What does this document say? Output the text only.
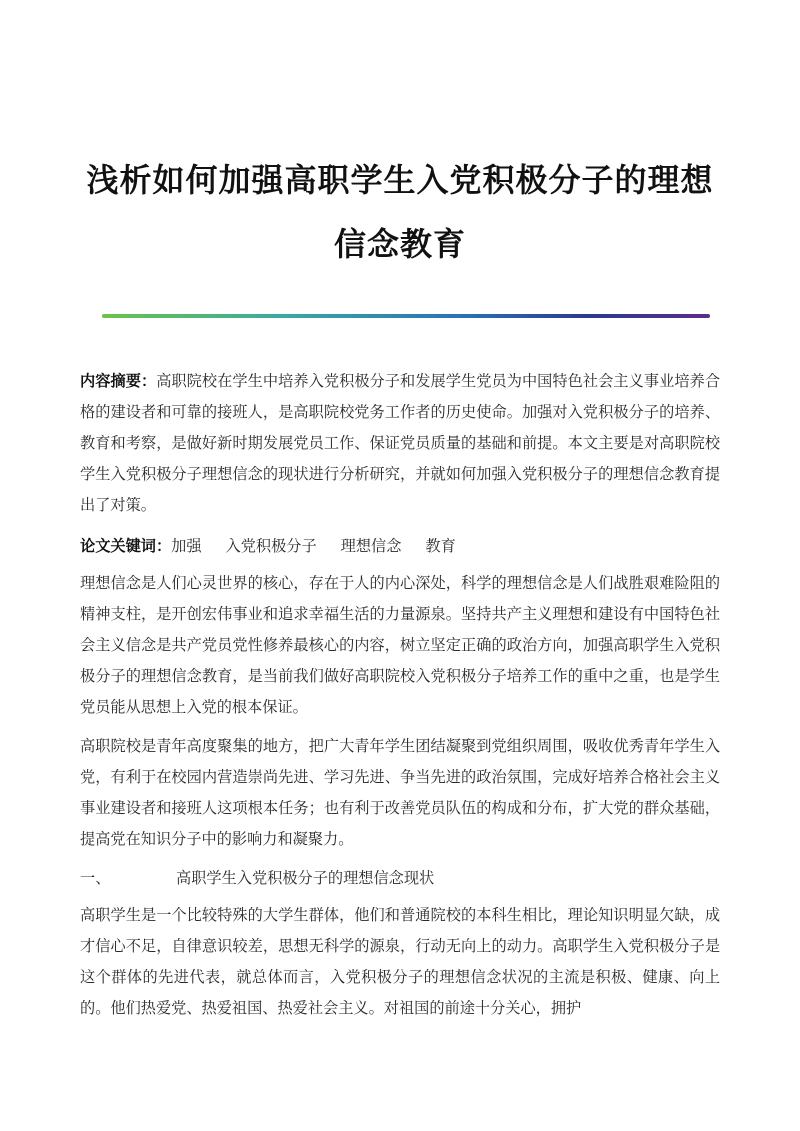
浅析如何加强高职学生入党积极分子的理想
信念教育

内容摘要：高职院校在学生中培养入党积极分子和发展学生党员为中国特色社会主义事业培养合格的建设者和可靠的接班人，是高职院校党务工作者的历史使命。加强对入党积极分子的培养、教育和考察，是做好新时期发展党员工作、保证党员质量的基础和前提。本文主要是对高职院校学生入党积极分子理想信念的现状进行分析研究，并就如何加强入党积极分子的理想信念教育提出了对策。

论文关键词：加强 入党积极分子 理想信念 教育

理想信念是人们心灵世界的核心，存在于人的内心深处，科学的理想信念是人们战胜艰难险阻的精神支柱，是开创宏伟事业和追求幸福生活的力量源泉。坚持共产主义理想和建设有中国特色社会主义信念是共产党员党性修养最核心的内容，树立坚定正确的政治方向，加强高职学生入党积极分子的理想信念教育，是当前我们做好高职院校入党积极分子培养工作的重中之重，也是学生党员能从思想上入党的根本保证。

高职院校是青年高度聚集的地方，把广大青年学生团结凝聚到党组织周围，吸收优秀青年学生入党，有利于在校园内营造崇尚先进、学习先进、争当先进的政治氛围，完成好培养合格社会主义事业建设者和接班人这项根本任务；也有利于改善党员队伍的构成和分布，扩大党的群众基础，提高党在知识分子中的影响力和凝聚力。

一、	高职学生入党积极分子的理想信念现状

高职学生是一个比较特殊的大学生群体，他们和普通院校的本科生相比，理论知识明显欠缺，成才信心不足，自律意识较差，思想无科学的源泉，行动无向上的动力。高职学生入党积极分子是这个群体的先进代表，就总体而言，入党积极分子的理想信念状况的主流是积极、健康、向上的。他们热爱党、热爱祖国、热爱社会主义。对祖国的前途十分关心，拥护
